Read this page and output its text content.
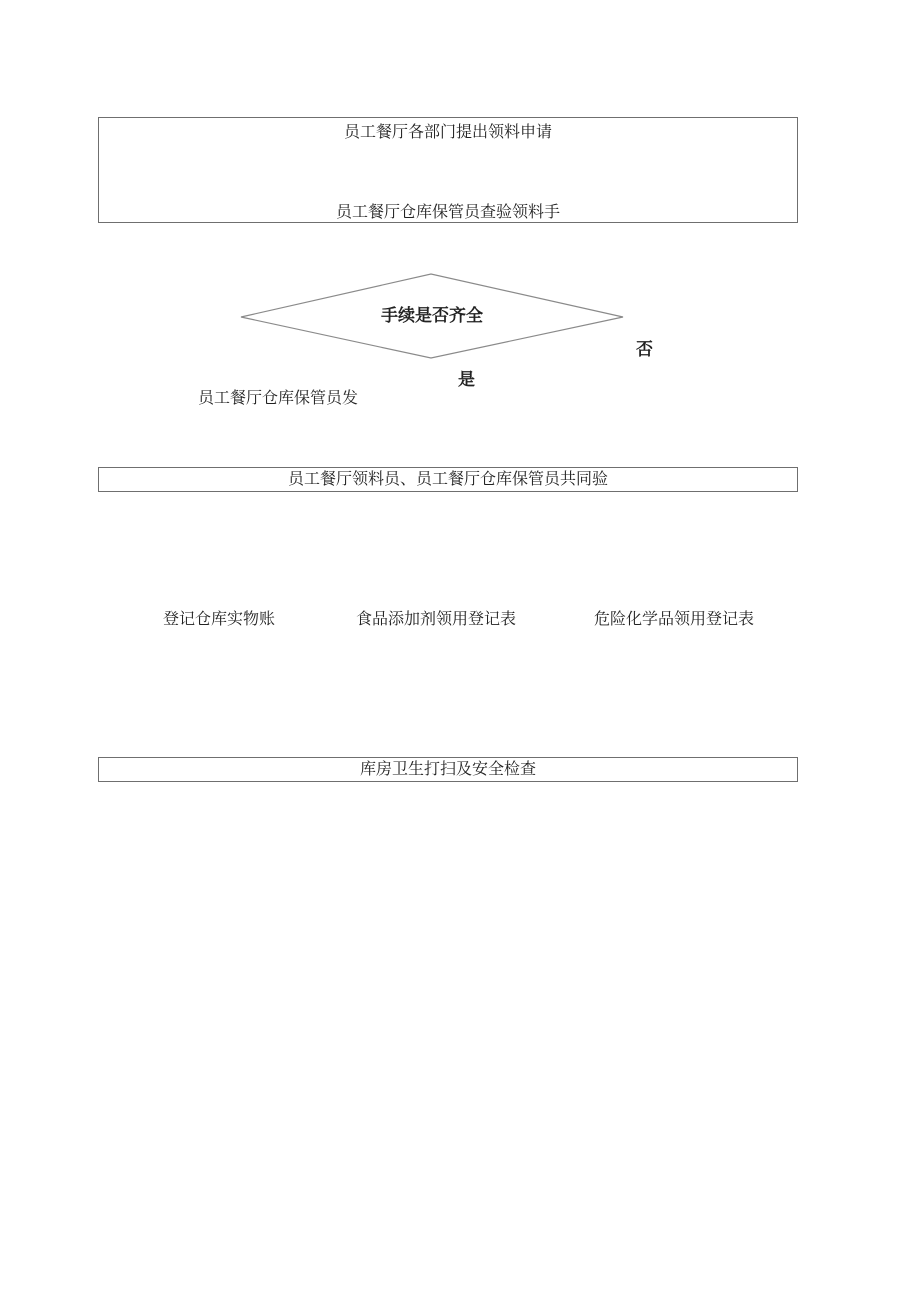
员工餐厅各部门提出领料申请
员工餐厅仓库保管员查验领料手
手续是否齐全
否
是
员工餐厅仓库保管员发
员工餐厅领料员、员工餐厅仓库保管员共同验
登记仓库实物账	食品添加剂领用登记表	危险化学品领用登记表
库房卫生打扫及安全检查
